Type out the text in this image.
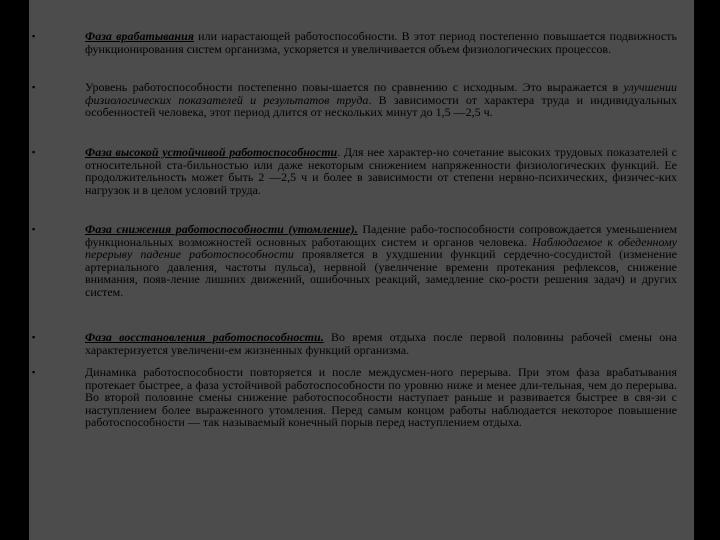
▪	Фаза врабатывания или нарастающей работоспособности. В этот период постепенно повышается подвижность функционирования систем организма, ускоряется и увеличивается объем физиологических процессов.
▪	Уровень работоспособности постепенно повы-шается по сравнению с исходным. Это выражается в улучшении физиологических показателей и результатов труда. В зависимости от характера труда и индивидуальных особенностей человека, этот период длится от нескольких минут до 1,5 —2,5 ч.
▪	Фаза высокой устойчивой работоспособности. Для нее характер-но сочетание высоких трудовых показателей с относительной ста-бильностью или даже некоторым снижением напряженности физиологических функций. Ее продолжительность может быть 2 —2,5 ч и более в зависимости от степени нервно-психических, физичес-ких нагрузок и в целом условий труда.
▪	Фаза снижения работоспособности (утомление). Падение рабо-тоспособности сопровождается уменьшением функциональных возможностей основных работающих систем и органов человека. Наблюдаемое к обеденному перерыву падение работоспособности проявляется в ухудшении функций сердечно-сосудистой (изменение артериального давления, частоты пульса), нервной (увеличение времени протекания рефлексов, снижение внимания, появ-ление лишних движений, ошибочных реакций, замедление ско-рости решения задач) и других систем.
▪	Фаза восстановления работоспособности. Во время отдыха после первой половины рабочей смены она характеризуется увеличени-ем жизненных функций организма.
▪	Динамика работоспособности повторяется и после междусмен-ного перерыва. При этом фаза врабатывания протекает быстрее, а фаза устойчивой работоспособности по уровню ниже и менее дли-тельная, чем до перерыва. Во второй половине смены снижение работоспособности наступает раньше и развивается быстрее в свя-зи с наступлением более выраженного утомления. Перед самым концом работы наблюдается некоторое повышение работоспособности — так называемый конечный порыв перед наступлением отдыха.
